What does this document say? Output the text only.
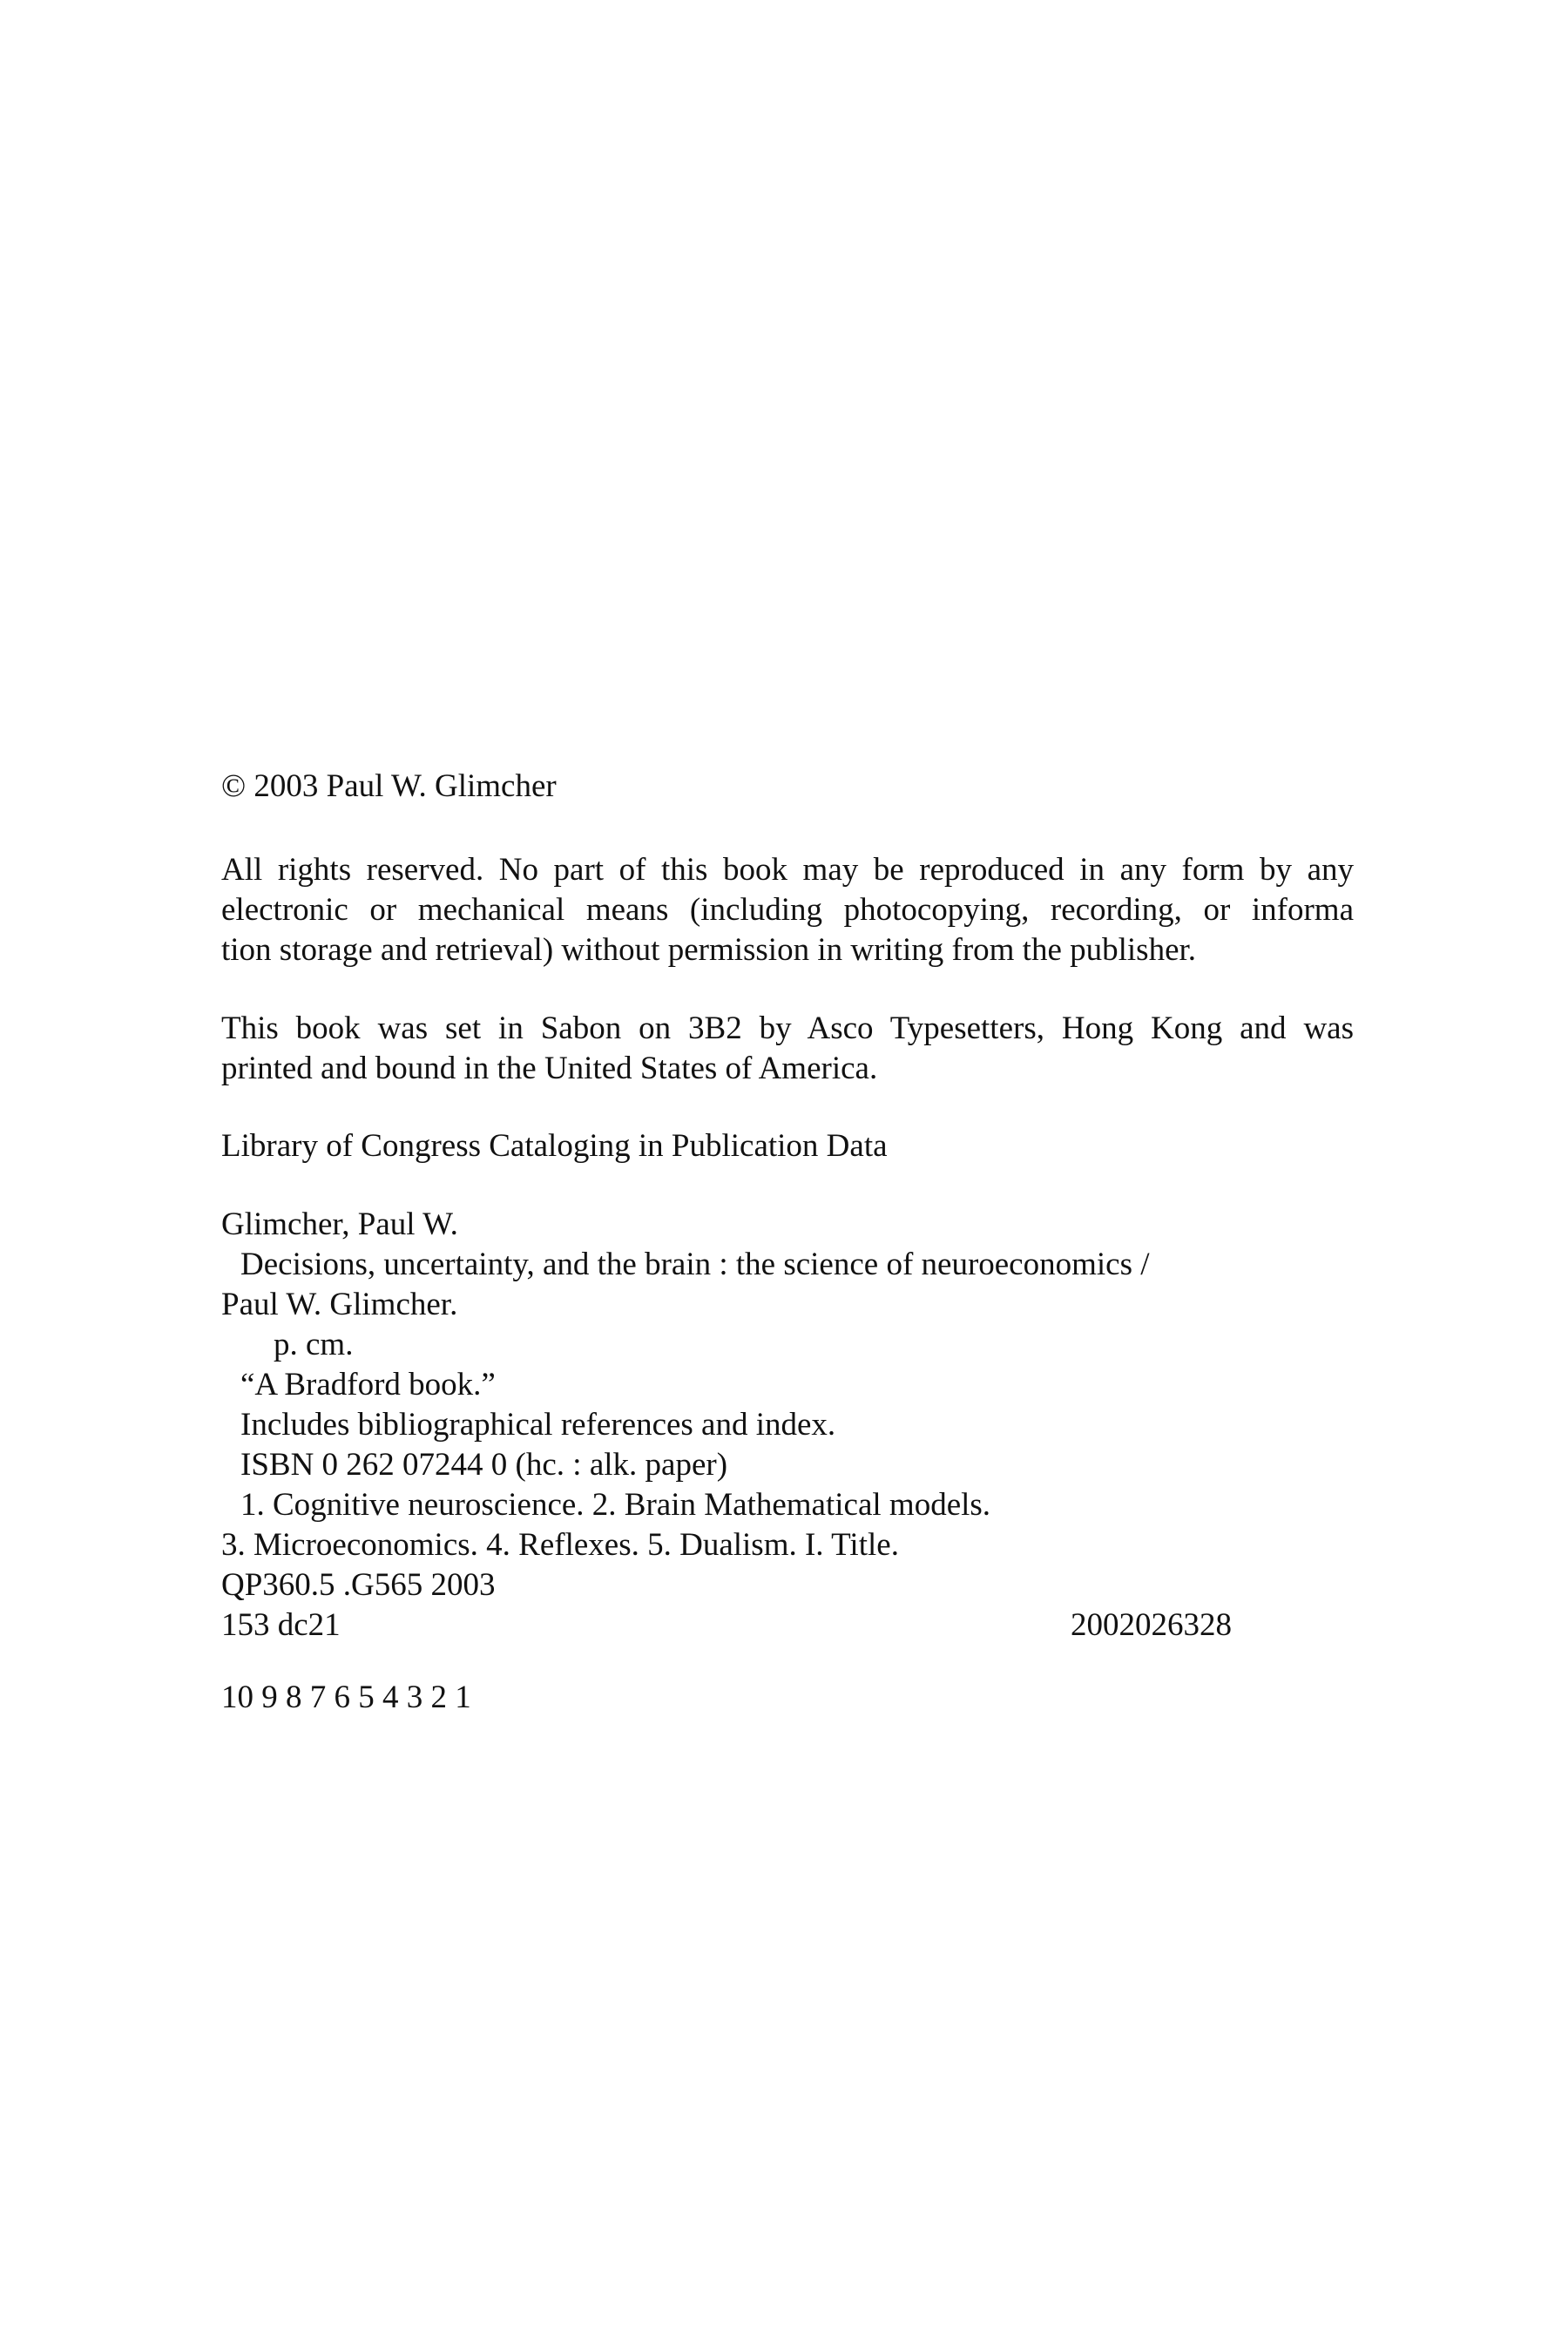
© 2003 Paul W. Glimcher
All rights reserved. No part of this book may be reproduced in any form by any
electronic or mechanical means (including photocopying, recording, or informa
tion storage and retrieval) without permission in writing from the publisher.
This book was set in Sabon on 3B2 by Asco Typesetters, Hong Kong and was
printed and bound in the United States of America.
Library of Congress Cataloging in Publication Data
Glimcher, Paul W.
Decisions, uncertainty, and the brain : the science of neuroeconomics /
Paul W. Glimcher.
p. cm.
“A Bradford book.”
Includes bibliographical references and index.
ISBN 0 262 07244 0 (hc. : alk. paper)
1. Cognitive neuroscience. 2. Brain Mathematical models.
3. Microeconomics. 4. Reflexes. 5. Dualism. I. Title.
QP360.5 .G565 2003
153 dc21	2002026328
10 9 8 7 6 5 4 3 2 1
